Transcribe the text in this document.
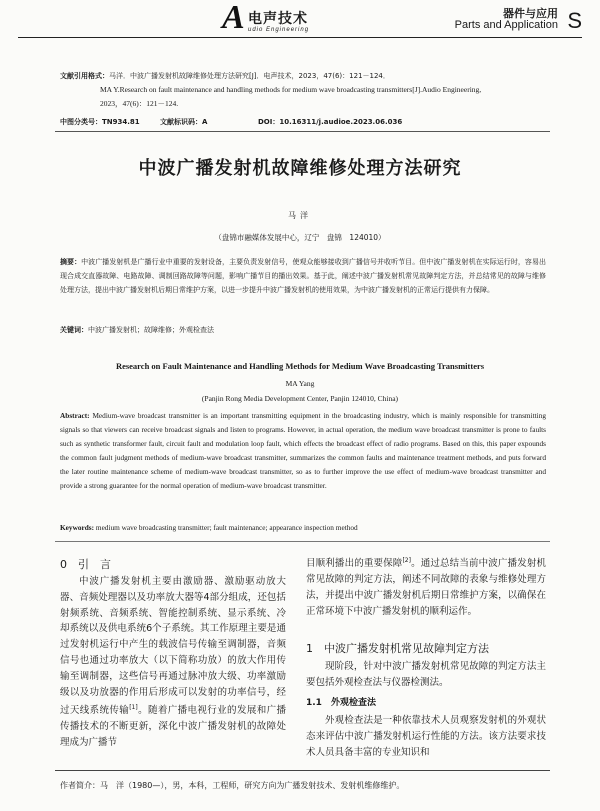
A 电声技术
udio Engineering
器件与应用
Parts and Application S
文献引用格式：马洋．中波广播发射机故障维修处理方法研究[J]．电声技术，2023，47(6)：121－124．
MA Y.Research on fault maintenance and handling methods for medium wave broadcasting transmitters[J].Audio Engineering,
2023，47(6)：121－124.
中图分类号：TN934.81	文献标识码：A	DOI：10.16311/j.audioe.2023.06.036
中波广播发射机故障维修处理方法研究
马洋
（盘锦市融媒体发展中心，辽宁　盘锦　124010）
摘要：中波广播发射机是广播行业中重要的发射设备，主要负责发射信号，使观众能够接收到广播信号并收听节目。但中波广播发射机在实际运行时，容易出现合成交直器故障、电路故障、调制回路故障等问题，影响广播节目的播出效果。基于此，阐述中波广播发射机常见故障判定方法，并总结常见的故障与维修处理方法，提出中波广播发射机后期日常维护方案，以进一步提升中波广播发射机的使用效果，为中波广播发射机的正常运行提供有力保障。
关键词：中波广播发射机；故障维修；外观检查法
Research on Fault Maintenance and Handling Methods for Medium Wave Broadcasting Transmitters
MA Yang
(Panjin Rong Media Development Center, Panjin 124010, China)
Abstract: Medium-wave broadcast transmitter is an important transmitting equipment in the broadcasting industry, which is mainly responsible for transmitting signals so that viewers can receive broadcast signals and listen to programs. However, in actual operation, the medium wave broadcast transmitter is prone to faults such as synthetic transformer fault, circuit fault and modulation loop fault, which effects the broadcast effect of radio programs. Based on this, this paper expounds the common fault judgment methods of medium-wave broadcast transmitter, summarizes the common faults and maintenance treatment methods, and puts forward the later routine maintenance scheme of medium-wave broadcast transmitter, so as to further improve the use effect of medium-wave broadcast transmitter and provide a strong guarantee for the normal operation of medium-wave broadcast transmitter.
Keywords: medium wave broadcasting transmitter; fault maintenance; appearance inspection method
0　引　言
中波广播发射机主要由激励器、激励驱动放大器、音频处理器以及功率放大器等4部分组成，还包括射频系统、音频系统、智能控制系统、显示系统、冷却系统以及供电系统6个子系统。其工作原理主要是通过发射机运行中产生的载波信号传输至调制器，音频信号也通过功率放大（以下简称功放）的放大作用传输至调制器，这些信号再通过脉冲放大级、功率激励级以及功放器的作用后形成可以发射的功率信号，经过天线系统传输[1]。随着广播电视行业的发展和广播传播技术的不断更新，深化中波广播发射机的故障处理成为广播节
目顺利播出的重要保障[2]。通过总结当前中波广播发射机常见故障的判定方法，阐述不同故障的表象与维修处理方法，并提出中波广播发射机后期日常维护方案，以确保在正常环境下中波广播发射机的顺利运作。
1　中波广播发射机常见故障判定方法
现阶段，针对中波广播发射机常见故障的判定方法主要包括外观检查法与仪器检测法。
1.1　外观检查法
外观检查法是一种依靠技术人员观察发射机的外观状态来评估中波广播发射机运行性能的方法。该方法要求技术人员具备丰富的专业知识和
作者简介：马　洋（1980—），男，本科，工程师，研究方向为广播发射技术、发射机维修维护。
